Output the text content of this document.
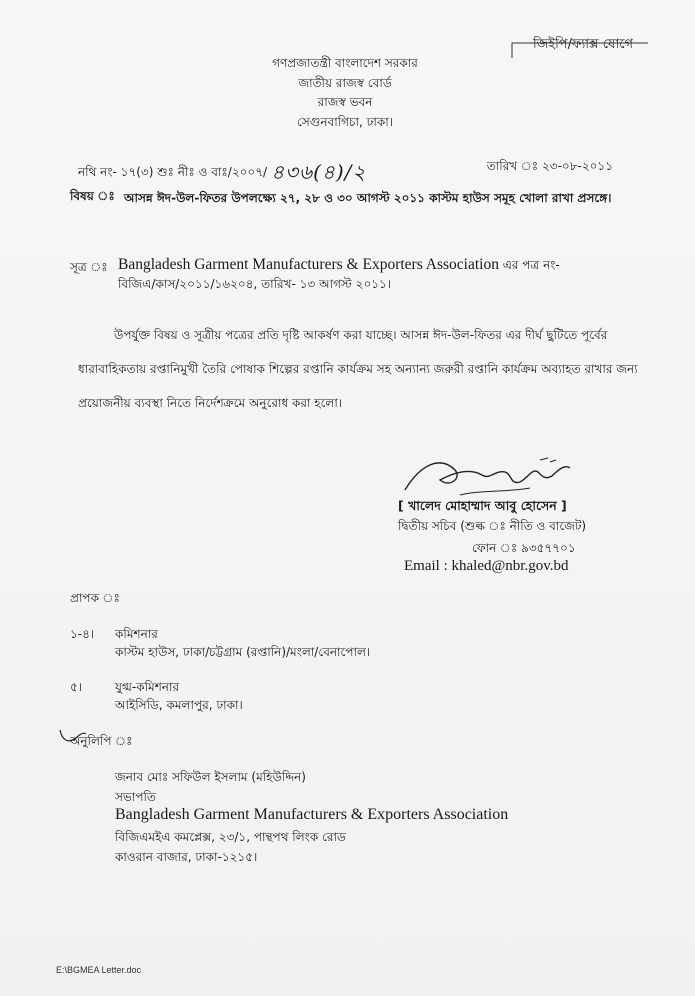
জিইপি/ফ্যাক্স যোগে
গণপ্রজাতন্ত্রী বাংলাদেশ সরকার
জাতীয় রাজস্ব বোর্ড
রাজস্ব ভবন
সেগুনবাগিচা, ঢাকা।
নথি নং- ১৭(৩) শুঃ নীঃ ও বাঃ/২০০৭/ ৪৩৬(৪)/২	তারিখ ঃ ২৩-০৮-২০১১
বিষয় ঃ আসন্ন ঈদ-উল-ফিতর উপলক্ষ্যে ২৭, ২৮ ও ৩০ আগস্ট ২০১১ কাস্টম হাউস সমূহ খোলা রাখা প্রসঙ্গে।
সূত্র ঃ Bangladesh Garment Manufacturers & Exporters Association এর পত্র নং-
বিজিএ/কাস/২০১১/১৬২০৪, তারিখ- ১৩ আগস্ট ২০১১।
উপর্যুক্ত বিষয় ও সূত্রীয় পত্রের প্রতি দৃষ্টি আকর্ষণ করা যাচ্ছে। আসন্ন ঈদ-উল-ফিতর এর দীর্ঘ ছুটিতে পূর্বের ধারাবাহিকতায় রপ্তানিমুখী তৈরি পোষাক শিল্পের রপ্তানি কার্যক্রম সহ অন্যান্য জরুরী রপ্তানি কার্যক্রম অব্যাহত রাখার জন্য প্রয়োজনীয় ব্যবস্থা নিতে নির্দেশক্রমে অনুরোধ করা হলো।
[ খালেদ মোহাম্মাদ আবু হোসেন ]
দ্বিতীয় সচিব (শুল্ক ঃ নীতি ও বাজেট)
ফোন ঃ ৯৩৫৭৭০১
Email : khaled@nbr.gov.bd
প্রাপক ঃ
১-৪। কমিশনার
কাস্টম হাউস, ঢাকা/চট্টগ্রাম (রপ্তানি)/মংলা/বেনাপোল।
৫।	যুগ্ম-কমিশনার
আইসিডি, কমলাপুর, ঢাকা।
অনুলিপি ঃ
জনাব মোঃ সফিউল ইসলাম (মহিউদ্দিন)
সভাপতি
Bangladesh Garment Manufacturers & Exporters Association
বিজিএমইএ কমপ্লেক্স, ২৩/১, পান্থপথ লিংক রোড
কাওরান বাজার, ঢাকা-১২১৫।
E:\BGMEA Letter.doc
